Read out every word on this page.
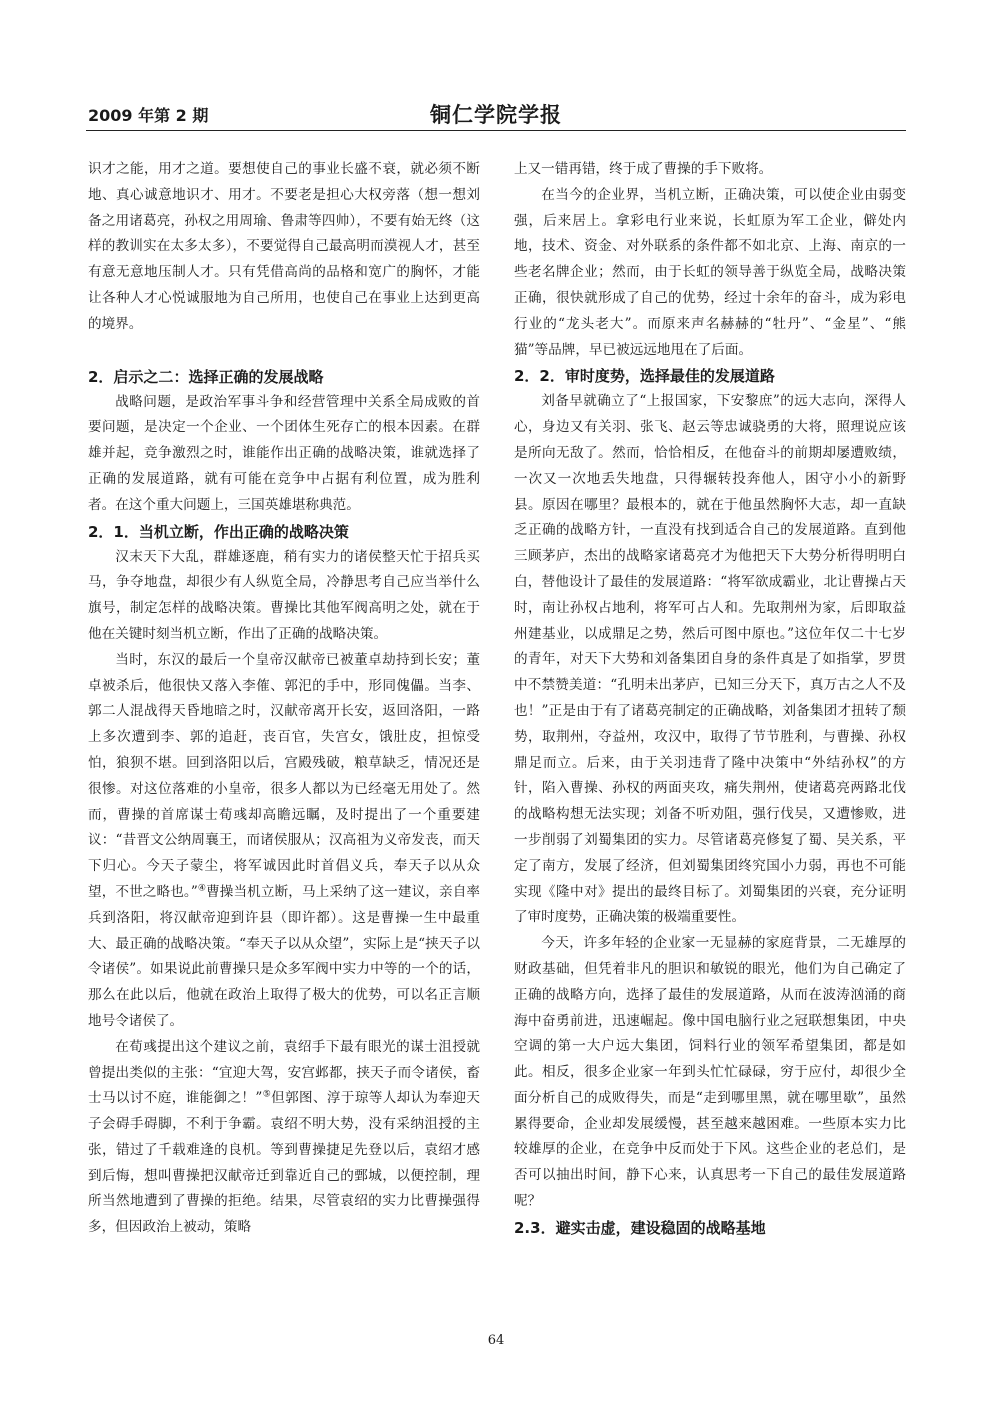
2009 年第 2 期	铜仁学院学报

识才之能，用才之道。要想使自己的事业长盛不衰，就必须不断地、真心诚意地识才、用才。不要老是担心大权旁落（想一想刘备之用诸葛亮，孙权之用周瑜、鲁肃等四帅），不要有始无终（这样的教训实在太多太多），不要觉得自己最高明而漠视人才，甚至有意无意地压制人才。只有凭借高尚的品格和宽广的胸怀，才能让各种人才心悦诚服地为自己所用，也使自己在事业上达到更高的境界。

2．启示之二：选择正确的发展战略

战略问题，是政治军事斗争和经营管理中关系全局成败的首要问题，是决定一个企业、一个团体生死存亡的根本因素。在群雄并起，竞争激烈之时，谁能作出正确的战略决策，谁就选择了正确的发展道路，就有可能在竞争中占据有利位置，成为胜利者。在这个重大问题上，三国英雄堪称典范。

2．1．当机立断，作出正确的战略决策

汉末天下大乱，群雄逐鹿，稍有实力的诸侯整天忙于招兵买马，争夺地盘，却很少有人纵览全局，冷静思考自己应当举什么旗号，制定怎样的战略决策。曹操比其他军阀高明之处，就在于他在关键时刻当机立断，作出了正确的战略决策。

当时，东汉的最后一个皇帝汉献帝已被董卓劫持到长安；董卓被杀后，他很快又落入李傕、郭汜的手中，形同傀儡。当李、郭二人混战得天昏地暗之时，汉献帝离开长安，返回洛阳，一路上多次遭到李、郭的追赶，丧百官，失宫女，饿肚皮，担惊受怕，狼狈不堪。回到洛阳以后，宫殿残破，粮草缺乏，情况还是很惨。对这位落难的小皇帝，很多人都以为已经毫无用处了。然而，曹操的首席谋士荀彧却高瞻远瞩，及时提出了一个重要建议：“昔晋文公纳周襄王，而诸侯服从；汉高祖为义帝发丧，而天下归心。今天子蒙尘，将军诚因此时首倡义兵，奉天子以从众望，不世之略也。”④曹操当机立断，马上采纳了这一建议，亲自率兵到洛阳，将汉献帝迎到许县（即许都）。这是曹操一生中最重大、最正确的战略决策。“奉天子以从众望”，实际上是“挟天子以令诸侯”。如果说此前曹操只是众多军阀中实力中等的一个的话，那么在此以后，他就在政治上取得了极大的优势，可以名正言顺地号令诸侯了。

在荀彧提出这个建议之前，袁绍手下最有眼光的谋士沮授就曾提出类似的主张：“宜迎大驾，安宫邺都，挟天子而令诸侯，畜士马以讨不庭，谁能御之！”⑤但郭图、淳于琼等人却认为奉迎天子会碍手碍脚，不利于争霸。袁绍不明大势，没有采纳沮授的主张，错过了千载难逢的良机。等到曹操捷足先登以后，袁绍才感到后悔，想叫曹操把汉献帝迁到靠近自己的鄄城，以便控制，理所当然地遭到了曹操的拒绝。结果，尽管袁绍的实力比曹操强得多，但因政治上被动，策略

上又一错再错，终于成了曹操的手下败将。

在当今的企业界，当机立断，正确决策，可以使企业由弱变强，后来居上。拿彩电行业来说，长虹原为军工企业，僻处内地，技术、资金、对外联系的条件都不如北京、上海、南京的一些老名牌企业；然而，由于长虹的领导善于纵览全局，战略决策正确，很快就形成了自己的优势，经过十余年的奋斗，成为彩电行业的“龙头老大”。而原来声名赫赫的“牡丹”、“金星”、“熊猫”等品牌，早已被远远地甩在了后面。

2．2．审时度势，选择最佳的发展道路

刘备早就确立了“上报国家，下安黎庶”的远大志向，深得人心，身边又有关羽、张飞、赵云等忠诚骁勇的大将，照理说应该是所向无敌了。然而，恰恰相反，在他奋斗的前期却屡遭败绩，一次又一次地丢失地盘，只得辗转投奔他人，困守小小的新野县。原因在哪里？最根本的，就在于他虽然胸怀大志，却一直缺乏正确的战略方针，一直没有找到适合自己的发展道路。直到他三顾茅庐，杰出的战略家诸葛亮才为他把天下大势分析得明明白白，替他设计了最佳的发展道路：“将军欲成霸业，北让曹操占天时，南让孙权占地利，将军可占人和。先取荆州为家，后即取益州建基业，以成鼎足之势，然后可图中原也。”这位年仅二十七岁的青年，对天下大势和刘备集团自身的条件真是了如指掌，罗贯中不禁赞美道：“孔明未出茅庐，已知三分天下，真万古之人不及也！”正是由于有了诸葛亮制定的正确战略，刘备集团才扭转了颓势，取荆州，夺益州，攻汉中，取得了节节胜利，与曹操、孙权鼎足而立。后来，由于关羽违背了隆中决策中“外结孙权”的方针，陷入曹操、孙权的两面夹攻，痛失荆州，使诸葛亮两路北伐的战略构想无法实现；刘备不听劝阻，强行伐吴，又遭惨败，进一步削弱了刘蜀集团的实力。尽管诸葛亮修复了蜀、吴关系，平定了南方，发展了经济，但刘蜀集团终究国小力弱，再也不可能实现《隆中对》提出的最终目标了。刘蜀集团的兴衰，充分证明了审时度势，正确决策的极端重要性。

今天，许多年轻的企业家一无显赫的家庭背景，二无雄厚的财政基础，但凭着非凡的胆识和敏锐的眼光，他们为自己确定了正确的战略方向，选择了最佳的发展道路，从而在波涛汹涌的商海中奋勇前进，迅速崛起。像中国电脑行业之冠联想集团，中央空调的第一大户远大集团，饲料行业的领军希望集团，都是如此。相反，很多企业家一年到头忙忙碌碌，穷于应付，却很少全面分析自己的成败得失，而是“走到哪里黑，就在哪里歇”，虽然累得要命，企业却发展缓慢，甚至越来越困难。一些原本实力比较雄厚的企业，在竞争中反而处于下风。这些企业的老总们，是否可以抽出时间，静下心来，认真思考一下自己的最佳发展道路呢？

2.3．避实击虚，建设稳固的战略基地
64
